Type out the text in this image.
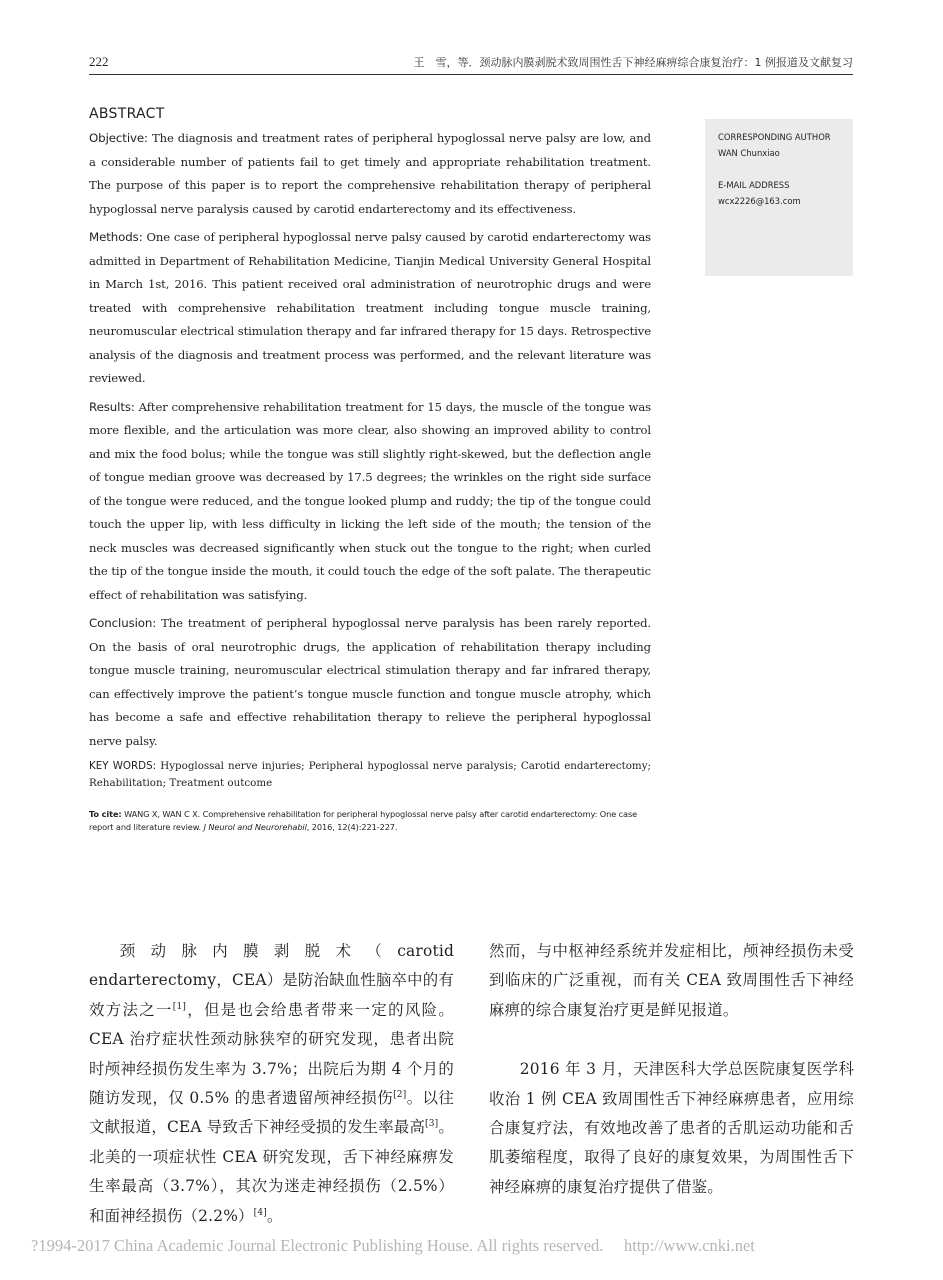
222	王　雪，等．颈动脉内膜剥脱术致周围性舌下神经麻痹综合康复治疗：1 例报道及文献复习
ABSTRACT

Objective: The diagnosis and treatment rates of peripheral hypoglossal nerve palsy are low, and a considerable number of patients fail to get timely and appropriate rehabilitation treatment. The purpose of this paper is to report the comprehensive rehabilitation therapy of peripheral hypoglossal nerve paralysis caused by carotid endarterectomy and its effectiveness.

Methods: One case of peripheral hypoglossal nerve palsy caused by carotid endarterectomy was admitted in Department of Rehabilitation Medicine, Tianjin Medical University General Hospital in March 1st, 2016. This patient received oral administration of neurotrophic drugs and were treated with comprehensive rehabilitation treatment including tongue muscle training, neuromuscular electrical stimulation therapy and far infrared therapy for 15 days. Retrospective analysis of the diagnosis and treatment process was performed, and the relevant literature was reviewed.

Results: After comprehensive rehabilitation treatment for 15 days, the muscle of the tongue was more flexible, and the articulation was more clear, also showing an improved ability to control and mix the food bolus; while the tongue was still slightly right-skewed, but the deflection angle of tongue median groove was decreased by 17.5 degrees; the wrinkles on the right side surface of the tongue were reduced, and the tongue looked plump and ruddy; the tip of the tongue could touch the upper lip, with less difficulty in licking the left side of the mouth; the tension of the neck muscles was decreased significantly when stuck out the tongue to the right; when curled the tip of the tongue inside the mouth, it could touch the edge of the soft palate. The therapeutic effect of rehabilitation was satisfying.

Conclusion: The treatment of peripheral hypoglossal nerve paralysis has been rarely reported. On the basis of oral neurotrophic drugs, the application of rehabilitation therapy including tongue muscle training, neuromuscular electrical stimulation therapy and far infrared therapy, can effectively improve the patient’s tongue muscle function and tongue muscle atrophy, which has become a safe and effective rehabilitation therapy to relieve the peripheral hypoglossal nerve palsy.

KEY WORDS: Hypoglossal nerve injuries; Peripheral hypoglossal nerve paralysis; Carotid endarterectomy; Rehabilitation; Treatment outcome

To cite: WANG X, WAN C X. Comprehensive rehabilitation for peripheral hypoglossal nerve palsy after carotid endarterectomy: One case report and literature review. J Neurol and Neurorehabil, 2016, 12(4):221-227.

CORRESPONDING AUTHOR
WAN Chunxiao
E-MAIL ADDRESS
wcx2226@163.com

颈动脉内膜剥脱术（carotid endarterectomy，CEA）是防治缺血性脑卒中的有效方法之一[1]，但是也会给患者带来一定的风险。CEA 治疗症状性颈动脉狭窄的研究发现，患者出院时颅神经损伤发生率为 3.7%；出院后为期 4 个月的随访发现，仅 0.5% 的患者遗留颅神经损伤[2]。以往文献报道，CEA 导致舌下神经受损的发生率最高[3]。北美的一项症状性 CEA 研究发现，舌下神经麻痹发生率最高（3.7%），其次为迷走神经损伤（2.5%）和面神经损伤（2.2%）[4]。

然而，与中枢神经系统并发症相比，颅神经损伤未受到临床的广泛重视，而有关 CEA 致周围性舌下神经麻痹的综合康复治疗更是鲜见报道。

2016 年 3 月，天津医科大学总医院康复医学科收治 1 例 CEA 致周围性舌下神经麻痹患者，应用综合康复疗法，有效地改善了患者的舌肌运动功能和舌肌萎缩程度，取得了良好的康复效果，为周围性舌下神经麻痹的康复治疗提供了借鉴。

?1994-2017 China Academic Journal Electronic Publishing House. All rights reserved.　 http://www.cnki.net
